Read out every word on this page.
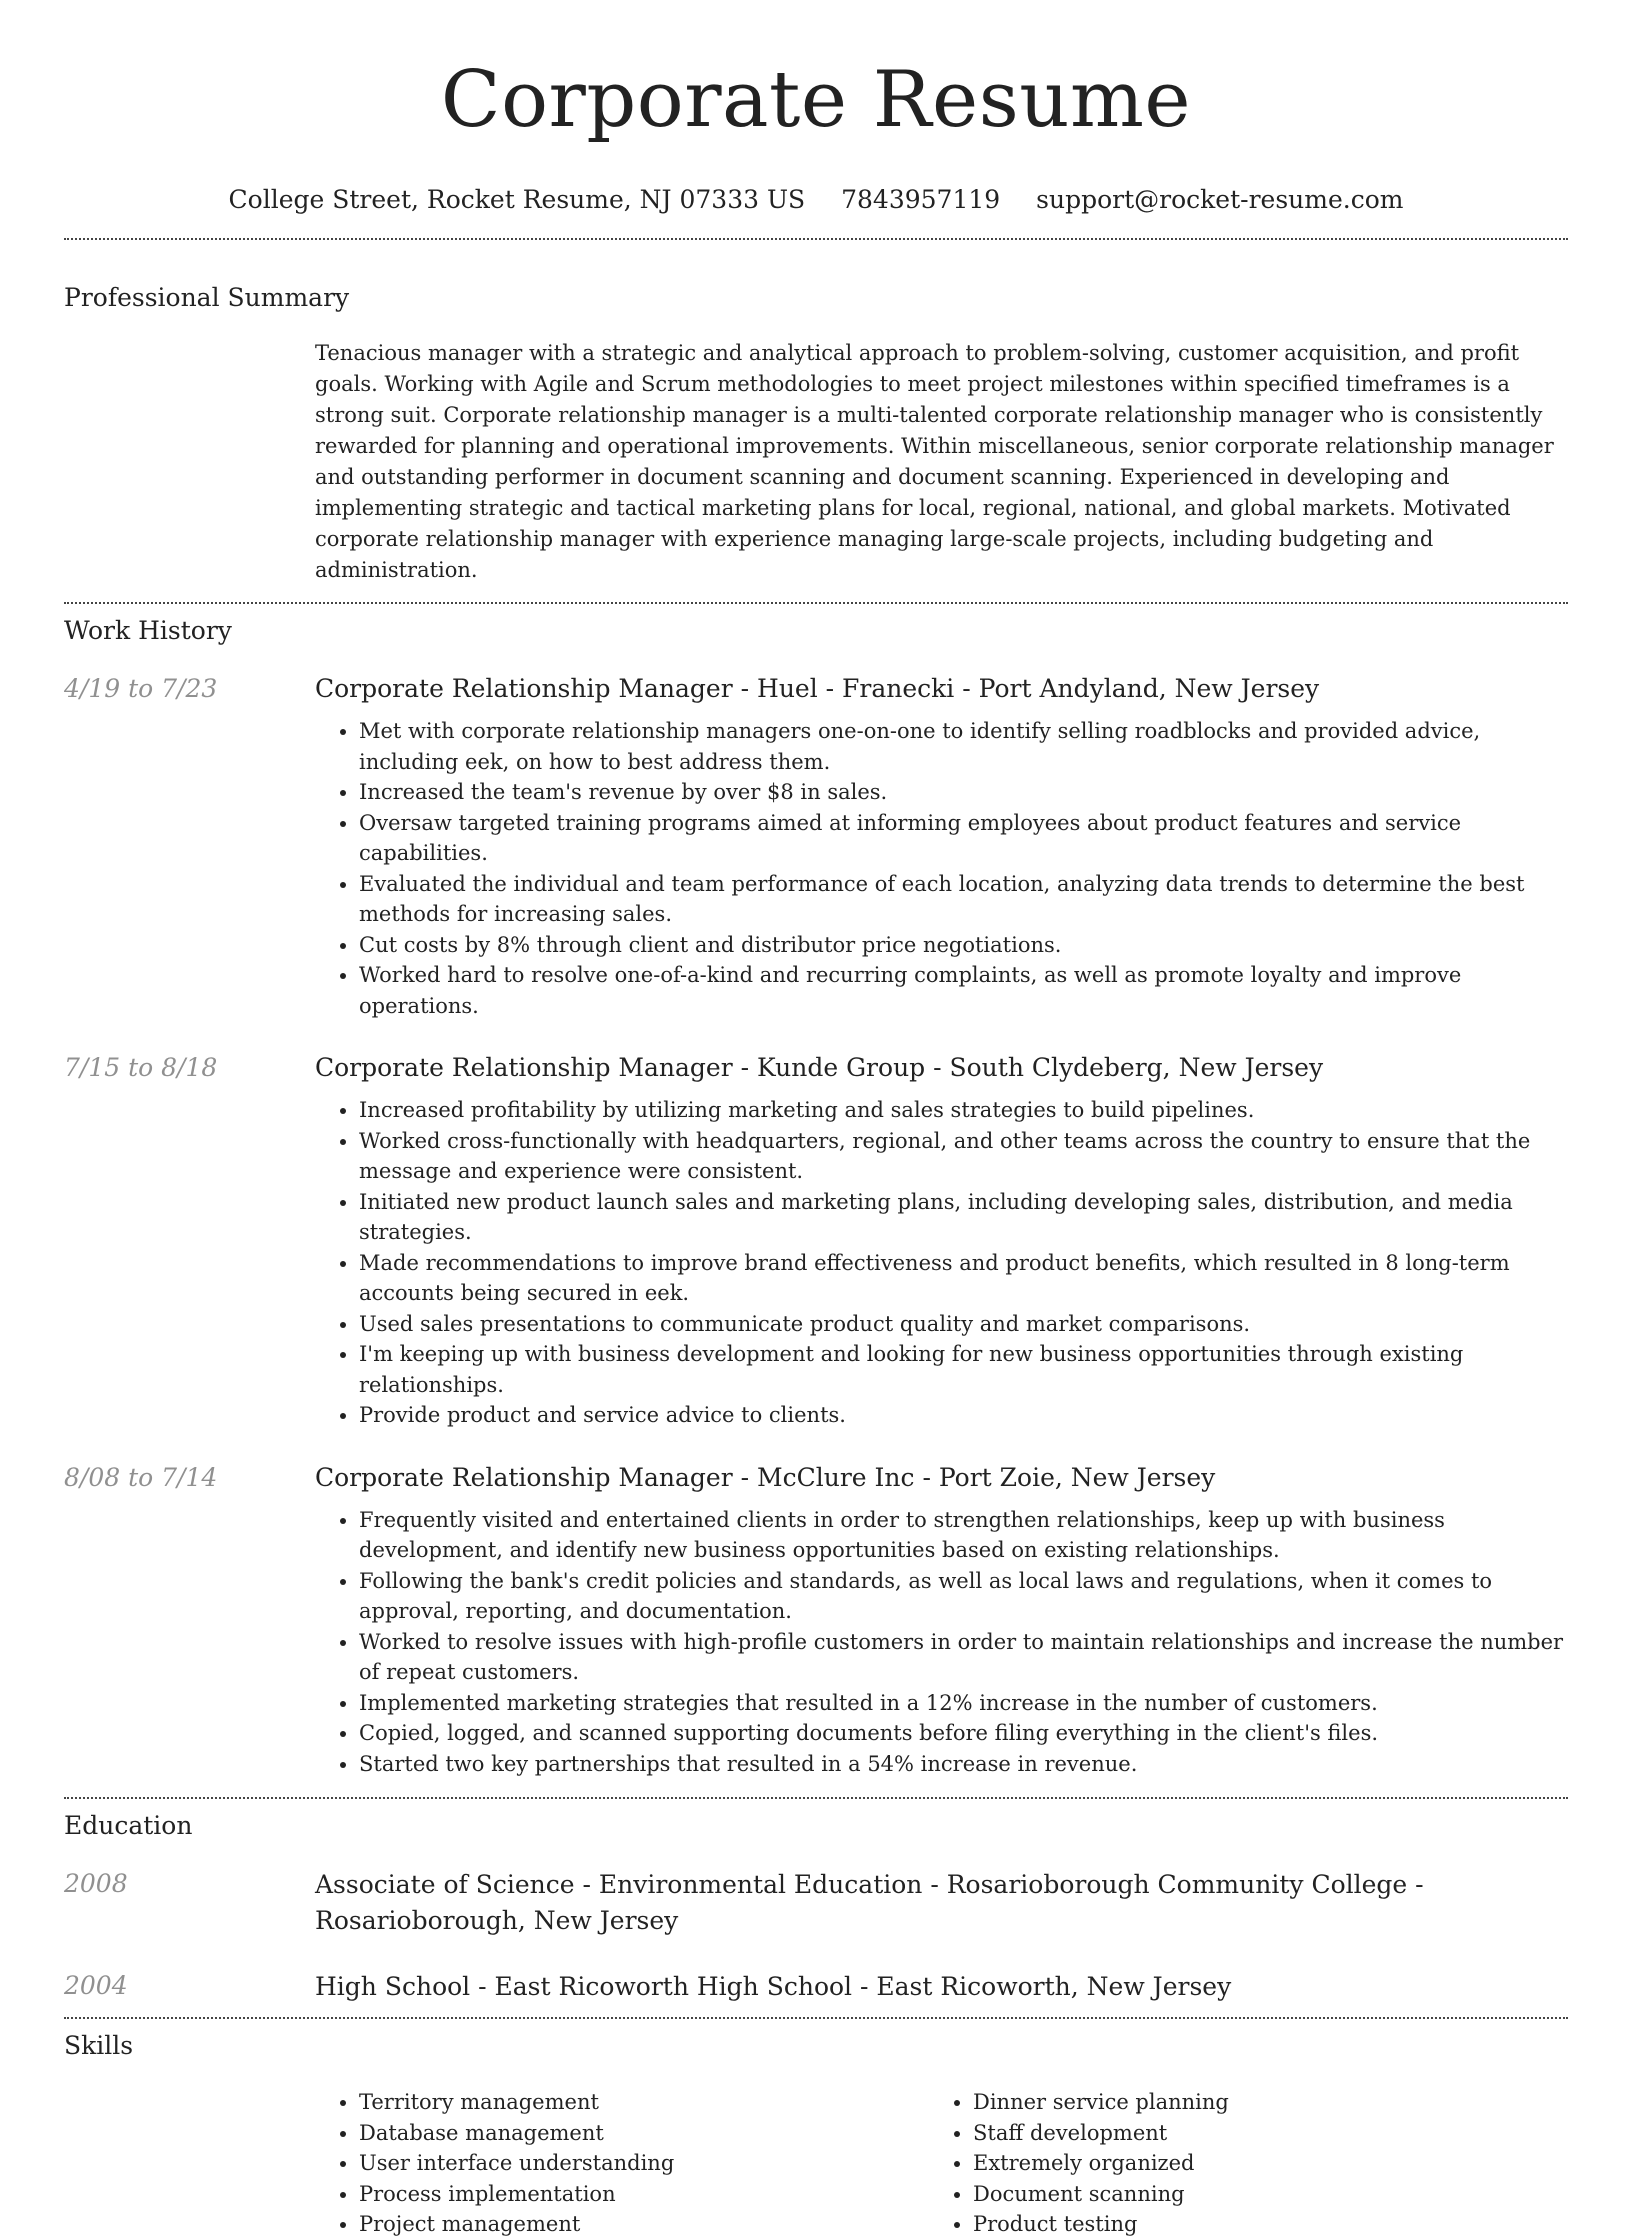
Corporate Resume
College Street, Rocket Resume, NJ 07333 US 7843957119 support@rocket-resume.com
Professional Summary
Tenacious manager with a strategic and analytical approach to problem-solving, customer acquisition, and profit goals. Working with Agile and Scrum methodologies to meet project milestones within specified timeframes is a strong suit. Corporate relationship manager is a multi-talented corporate relationship manager who is consistently rewarded for planning and operational improvements. Within miscellaneous, senior corporate relationship manager and outstanding performer in document scanning and document scanning. Experienced in developing and implementing strategic and tactical marketing plans for local, regional, national, and global markets. Motivated corporate relationship manager with experience managing large-scale projects, including budgeting and administration.
Work History
4/19 to 7/23	Corporate Relationship Manager - Huel - Franecki - Port Andyland, New Jersey
• Met with corporate relationship managers one-on-one to identify selling roadblocks and provided advice, including eek, on how to best address them.
• Increased the team's revenue by over $8 in sales.
• Oversaw targeted training programs aimed at informing employees about product features and service capabilities.
• Evaluated the individual and team performance of each location, analyzing data trends to determine the best methods for increasing sales.
• Cut costs by 8% through client and distributor price negotiations.
• Worked hard to resolve one-of-a-kind and recurring complaints, as well as promote loyalty and improve operations.
7/15 to 8/18	Corporate Relationship Manager - Kunde Group - South Clydeberg, New Jersey
• Increased profitability by utilizing marketing and sales strategies to build pipelines.
• Worked cross-functionally with headquarters, regional, and other teams across the country to ensure that the message and experience were consistent.
• Initiated new product launch sales and marketing plans, including developing sales, distribution, and media strategies.
• Made recommendations to improve brand effectiveness and product benefits, which resulted in 8 long-term accounts being secured in eek.
• Used sales presentations to communicate product quality and market comparisons.
• I'm keeping up with business development and looking for new business opportunities through existing relationships.
• Provide product and service advice to clients.
8/08 to 7/14	Corporate Relationship Manager - McClure Inc - Port Zoie, New Jersey
• Frequently visited and entertained clients in order to strengthen relationships, keep up with business development, and identify new business opportunities based on existing relationships.
• Following the bank's credit policies and standards, as well as local laws and regulations, when it comes to approval, reporting, and documentation.
• Worked to resolve issues with high-profile customers in order to maintain relationships and increase the number of repeat customers.
• Implemented marketing strategies that resulted in a 12% increase in the number of customers.
• Copied, logged, and scanned supporting documents before filing everything in the client's files.
• Started two key partnerships that resulted in a 54% increase in revenue.
Education
2008	Associate of Science - Environmental Education - Rosarioborough Community College - Rosarioborough, New Jersey
2004	High School - East Ricoworth High School - East Ricoworth, New Jersey
Skills
• Territory management
• Database management
• User interface understanding
• Process implementation
• Project management
• Dinner service planning
• Staff development
• Extremely organized
• Document scanning
• Product testing
